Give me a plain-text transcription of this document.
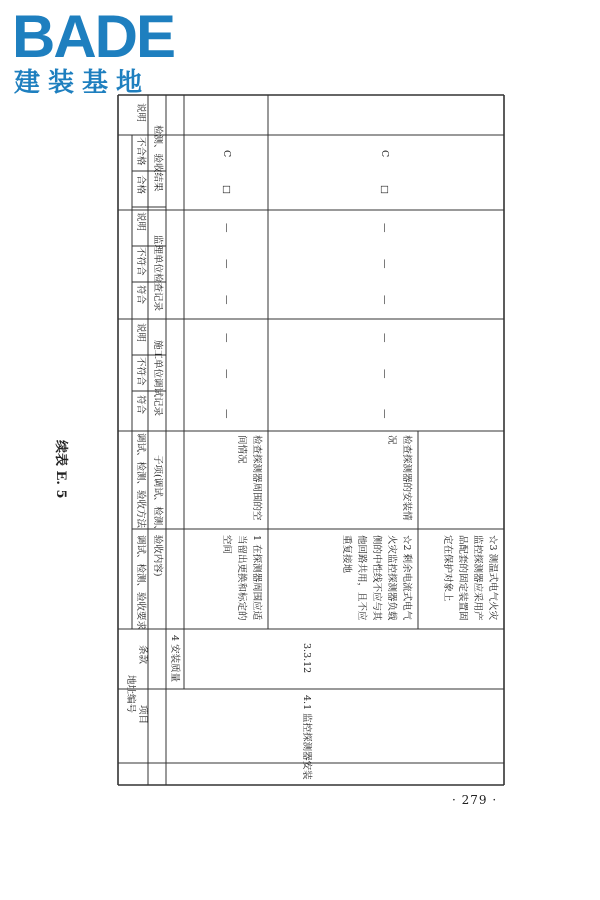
BADE
建装基地
续表 E. 5
地址编号
项目
条款
子项(调试、检测、验收内容)
调试、检测、验收要求
调试、检测、验收方法
施工单位调试记录
符合
不符合
说明
监理单位检查记录
符合
不符合
说明
检测、验收结果
合格
不合格
说明
4 安装质量
4.1 监控探测器安装
3.3.12
1 在探测器周围应适当留出更换和标定的空间
检查探测器周围的空间情况
—
—
—
—
—
—
□
C
☆2 剩余电流式电气火灾监控探测器负载侧的中性线不应与其他回路共用，且不应重复接地	☆3 测温式电气火灾监控探测器应采用产品配套的固定装置固定在保护对象上
检查探测器的安装情况
—
—
—
—
—
—
□
C
· 279 ·
